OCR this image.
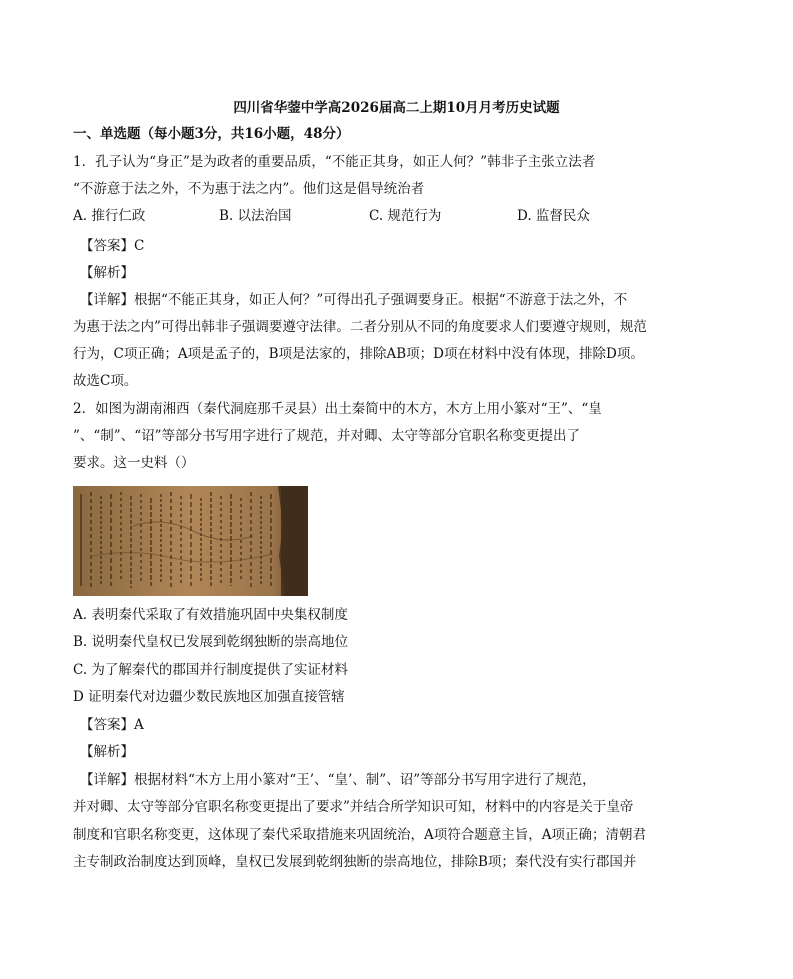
四川省华蓥中学高2026届高二上期10月月考历史试题
一、单选题（每小题3分，共16小题，48分）
1．孔子认为“身正”是为政者的重要品质，“不能正其身，如正人何？”韩非子主张立法者
“不游意于法之外，不为惠于法之内”。他们这是倡导统治者
A. 推行仁政	B. 以法治国	C. 规范行为	D. 监督民众
【答案】C
【解析】
【详解】根据“不能正其身，如正人何？”可得出孔子强调要身正。根据“不游意于法之外，不
为惠于法之内”可得出韩非子强调要遵守法律。二者分别从不同的角度要求人们要遵守规则，规范
行为，C项正确；A项是孟子的，B项是法家的，排除AB项；D项在材料中没有体现，排除D项。
故选C项。
2．如图为湖南湘西（秦代洞庭那千灵县）出土秦简中的木方，木方上用小篆对“王”、“皇
”、“制”、“诏”等部分书写用字进行了规范，并对卿、太守等部分官职名称变更提出了
要求。这一史料（）
A. 表明秦代采取了有效措施巩固中央集权制度
B. 说明秦代皇权已发展到乾纲独断的崇高地位
C. 为了解秦代的郡国并行制度提供了实证材料
D 证明秦代对边疆少数民族地区加强直接管辖
【答案】A
【解析】
【详解】根据材料“木方上用小篆对“王’、“皇’、制”、诏”等部分书写用字进行了规范，
并对卿、太守等部分官职名称变更提出了要求”并结合所学知识可知，材料中的内容是关于皇帝
制度和官职名称变更，这体现了秦代采取措施来巩固统治，A项符合题意主旨，A项正确；清朝君
主专制政治制度达到顶峰，皇权已发展到乾纲独断的崇高地位，排除B项；秦代没有实行郡国并
